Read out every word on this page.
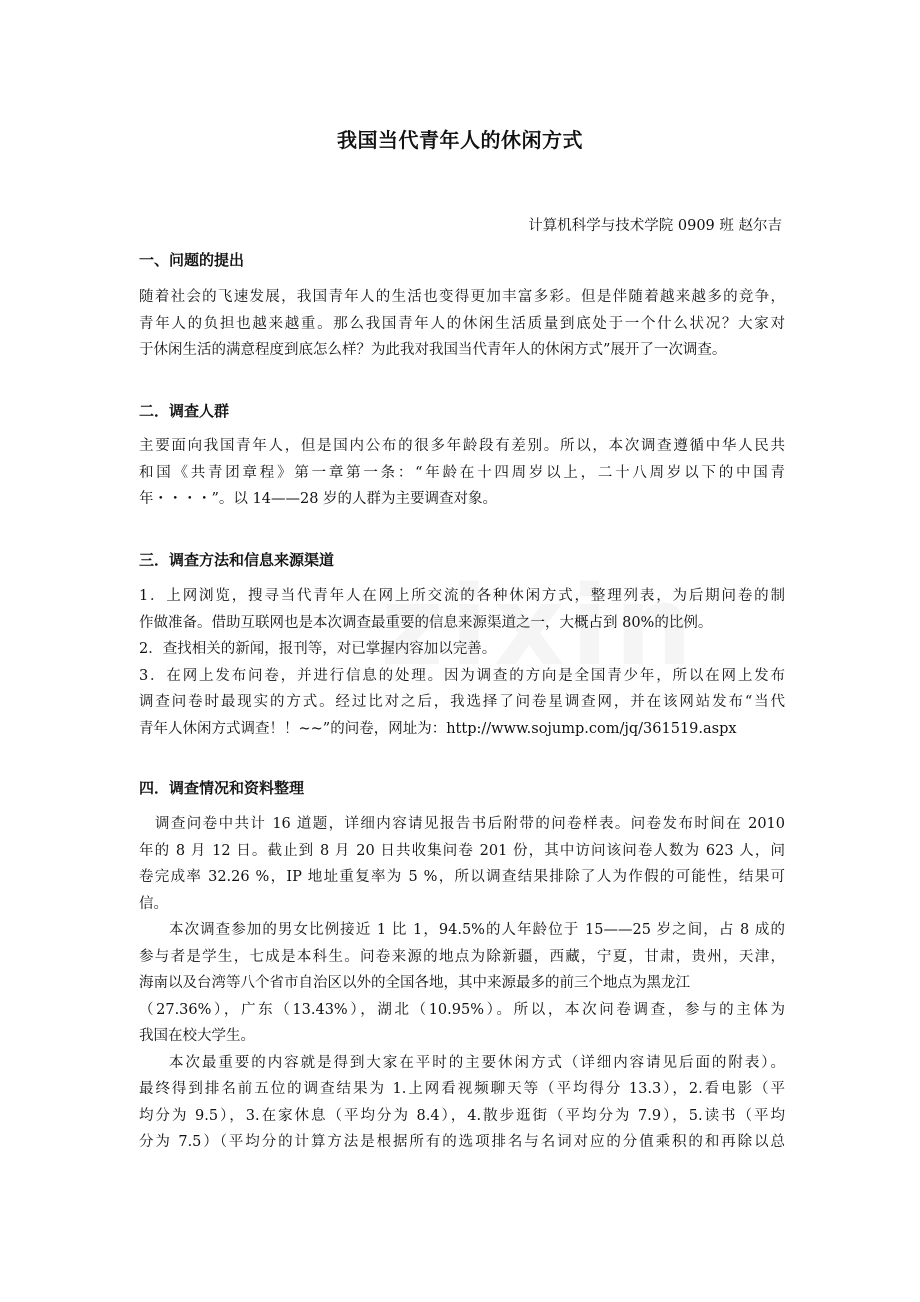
我国当代青年人的休闲方式
计算机科学与技术学院 0909 班 赵尔吉
一、问题的提出
随着社会的飞速发展，我国青年人的生活也变得更加丰富多彩。但是伴随着越来越多的竞争，
青年人的负担也越来越重。那么我国青年人的休闲生活质量到底处于一个什么状况？大家对
于休闲生活的满意程度到底怎么样？为此我对我国当代青年人的休闲方式”展开了一次调查。
二．调查人群
主要面向我国青年人，但是国内公布的很多年龄段有差别。所以，本次调查遵循中华人民共
和国《共青团章程》第一章第一条：“年龄在十四周岁以上，二十八周岁以下的中国青
年・・・・”。以 14——28 岁的人群为主要调查对象。
三．调查方法和信息来源渠道
1．上网浏览，搜寻当代青年人在网上所交流的各种休闲方式，整理列表，为后期问卷的制
作做准备。借助互联网也是本次调查最重要的信息来源渠道之一，大概占到 80%的比例。
2．查找相关的新闻，报刊等，对已掌握内容加以完善。
3．在网上发布问卷，并进行信息的处理。因为调查的方向是全国青少年，所以在网上发布
调查问卷时最现实的方式。经过比对之后，我选择了问卷星调查网，并在该网站发布“当代
青年人休闲方式调查！！~~”的问卷，网址为：http://www.sojump.com/jq/361519.aspx
四．调查情况和资料整理
调查问卷中共计 16 道题，详细内容请见报告书后附带的问卷样表。问卷发布时间在 2010
年的 8 月 12 日。截止到 8 月 20 日共收集问卷 201 份，其中访问该问卷人数为 623 人，问
卷完成率 32.26 %，IP 地址重复率为 5 %，所以调查结果排除了人为作假的可能性，结果可
信。
本次调查参加的男女比例接近 1 比 1，94.5%的人年龄位于 15——25 岁之间，占 8 成的
参与者是学生，七成是本科生。问卷来源的地点为除新疆，西藏，宁夏，甘肃，贵州，天津，
海南以及台湾等八个省市自治区以外的全国各地，其中来源最多的前三个地点为黑龙江
（27.36%），广东（13.43%），湖北（10.95%）。所以，本次问卷调查，参与的主体为
我国在校大学生。
本次最重要的内容就是得到大家在平时的主要休闲方式（详细内容请见后面的附表）。
最终得到排名前五位的调查结果为 1.上网看视频聊天等（平均得分 13.3），2.看电影（平
均分为 9.5），3.在家休息（平均分为 8.4），4.散步逛街（平均分为 7.9），5.读书（平均
分为 7.5）（平均分的计算方法是根据所有的选项排名与名词对应的分值乘积的和再除以总
